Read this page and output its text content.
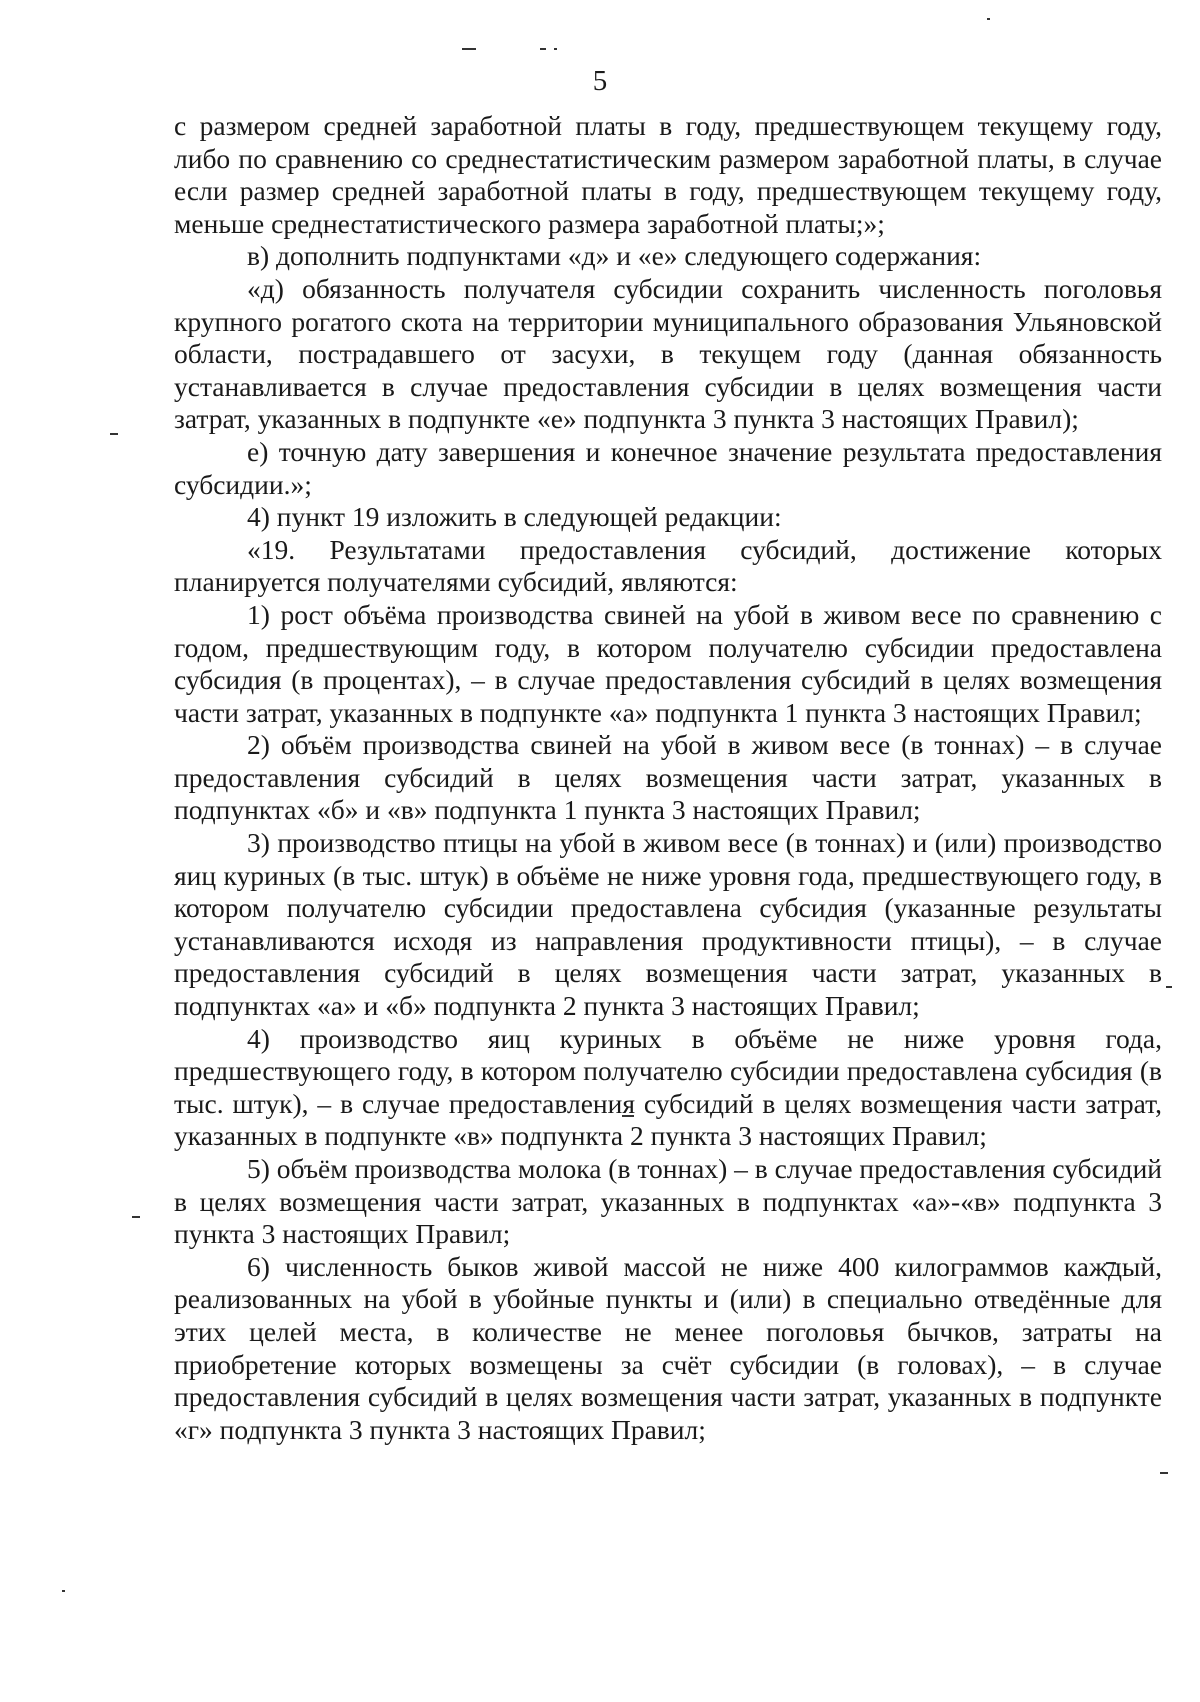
5

с размером средней заработной платы в году, предшествующем текущему году, либо по сравнению со среднестатистическим размером заработной платы, в случае если размер средней заработной платы в году, предшествующем текущему году, меньше среднестатистического размера заработной платы;»;

в) дополнить подпунктами «д» и «е» следующего содержания:

«д) обязанность получателя субсидии сохранить численность поголовья крупного рогатого скота на территории муниципального образования Ульяновской области, пострадавшего от засухи, в текущем году (данная обязанность устанавливается в случае предоставления субсидии в целях возмещения части затрат, указанных в подпункте «е» подпункта 3 пункта 3 настоящих Правил);

е) точную дату завершения и конечное значение результата предоставления субсидии.»;

4) пункт 19 изложить в следующей редакции:

«19. Результатами предоставления субсидий, достижение которых планируется получателями субсидий, являются:

1) рост объёма производства свиней на убой в живом весе по сравнению с годом, предшествующим году, в котором получателю субсидии предоставлена субсидия (в процентах), – в случае предоставления субсидий в целях возмещения части затрат, указанных в подпункте «а» подпункта 1 пункта 3 настоящих Правил;

2) объём производства свиней на убой в живом весе (в тоннах) – в случае предоставления субсидий в целях возмещения части затрат, указанных в подпунктах «б» и «в» подпункта 1 пункта 3 настоящих Правил;

3) производство птицы на убой в живом весе (в тоннах) и (или) производство яиц куриных (в тыс. штук) в объёме не ниже уровня года, предшествующего году, в котором получателю субсидии предоставлена субсидия (указанные результаты устанавливаются исходя из направления продуктивности птицы), – в случае предоставления субсидий в целях возмещения части затрат, указанных в подпунктах «а» и «б» подпункта 2 пункта 3 настоящих Правил;

4) производство яиц куриных в объёме не ниже уровня года, предшествующего году, в котором получателю субсидии предоставлена субсидия (в тыс. штук), – в случае предоставления субсидий в целях возмещения части затрат, указанных в подпункте «в» подпункта 2 пункта 3 настоящих Правил;

5) объём производства молока (в тоннах) – в случае предоставления субсидий в целях возмещения части затрат, указанных в подпунктах «а»-«в» подпункта 3 пункта 3 настоящих Правил;

6) численность быков живой массой не ниже 400 килограммов каждый, реализованных на убой в убойные пункты и (или) в специально отведённые для этих целей места, в количестве не менее поголовья бычков, затраты на приобретение которых возмещены за счёт субсидии (в головах), – в случае предоставления субсидий в целях возмещения части затрат, указанных в подпункте «г» подпункта 3 пункта 3 настоящих Правил;
